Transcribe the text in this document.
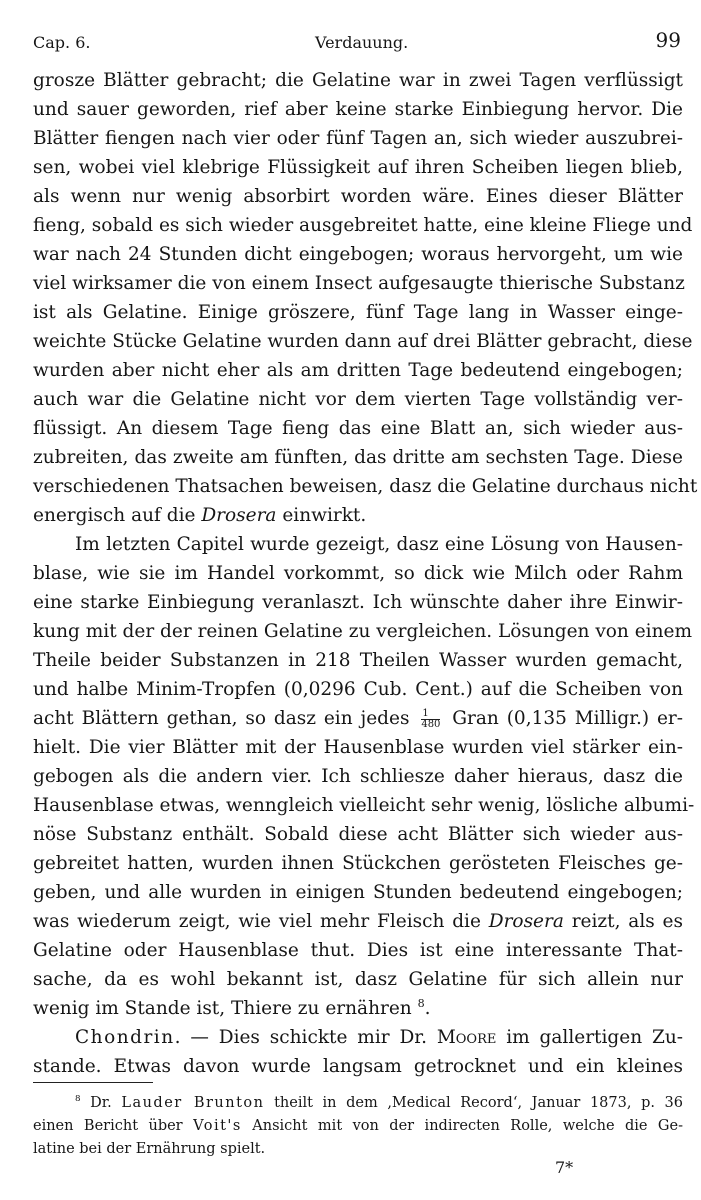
Cap. 6.	Verdauung.	99
grosze Blätter gebracht; die Gelatine war in zwei Tagen verflüssigt
und sauer geworden, rief aber keine starke Einbiegung hervor. Die
Blätter fiengen nach vier oder fünf Tagen an, sich wieder auszubrei-
sen, wobei viel klebrige Flüssigkeit auf ihren Scheiben liegen blieb,
als wenn nur wenig absorbirt worden wäre. Eines dieser Blätter
fieng, sobald es sich wieder ausgebreitet hatte, eine kleine Fliege und
war nach 24 Stunden dicht eingebogen; woraus hervorgeht, um wie
viel wirksamer die von einem Insect aufgesaugte thierische Substanz
ist als Gelatine. Einige gröszere, fünf Tage lang in Wasser einge-
weichte Stücke Gelatine wurden dann auf drei Blätter gebracht, diese
wurden aber nicht eher als am dritten Tage bedeutend eingebogen;
auch war die Gelatine nicht vor dem vierten Tage vollständig ver-
flüssigt. An diesem Tage fieng das eine Blatt an, sich wieder aus-
zubreiten, das zweite am fünften, das dritte am sechsten Tage. Diese
verschiedenen Thatsachen beweisen, dasz die Gelatine durchaus nicht
energisch auf die Drosera einwirkt.
Im letzten Capitel wurde gezeigt, dasz eine Lösung von Hausen-
blase, wie sie im Handel vorkommt, so dick wie Milch oder Rahm
eine starke Einbiegung veranlaszt. Ich wünschte daher ihre Einwir-
kung mit der der reinen Gelatine zu vergleichen. Lösungen von einem
Theile beider Substanzen in 218 Theilen Wasser wurden gemacht,
und halbe Minim-Tropfen (0,0296 Cub. Cent.) auf die Scheiben von
acht Blättern gethan, so dasz ein jedes $\frac{1}{480}$ Gran (0,135 Milligr.) er-
hielt. Die vier Blätter mit der Hausenblase wurden viel stärker ein-
gebogen als die andern vier. Ich schliesze daher hieraus, dasz die
Hausenblase etwas, wenngleich vielleicht sehr wenig, lösliche albumi-
nöse Substanz enthält. Sobald diese acht Blätter sich wieder aus-
gebreitet hatten, wurden ihnen Stückchen gerösteten Fleisches ge-
geben, und alle wurden in einigen Stunden bedeutend eingebogen;
was wiederum zeigt, wie viel mehr Fleisch die Drosera reizt, als es
Gelatine oder Hausenblase thut. Dies ist eine interessante That-
sache, da es wohl bekannt ist, dasz Gelatine für sich allein nur
wenig im Stande ist, Thiere zu ernähren $^8$.
Chondrin. — Dies schickte mir Dr. Moore im gallertigen Zu-
stande. Etwas davon wurde langsam getrocknet und ein kleines
$^8$ Dr. Lauder Brunton theilt in dem ‚Medical Record‘, Januar 1873, p. 36
einen Bericht über Voit's Ansicht mit von der indirecten Rolle, welche die Ge-
latine bei der Ernährung spielt.
7*
